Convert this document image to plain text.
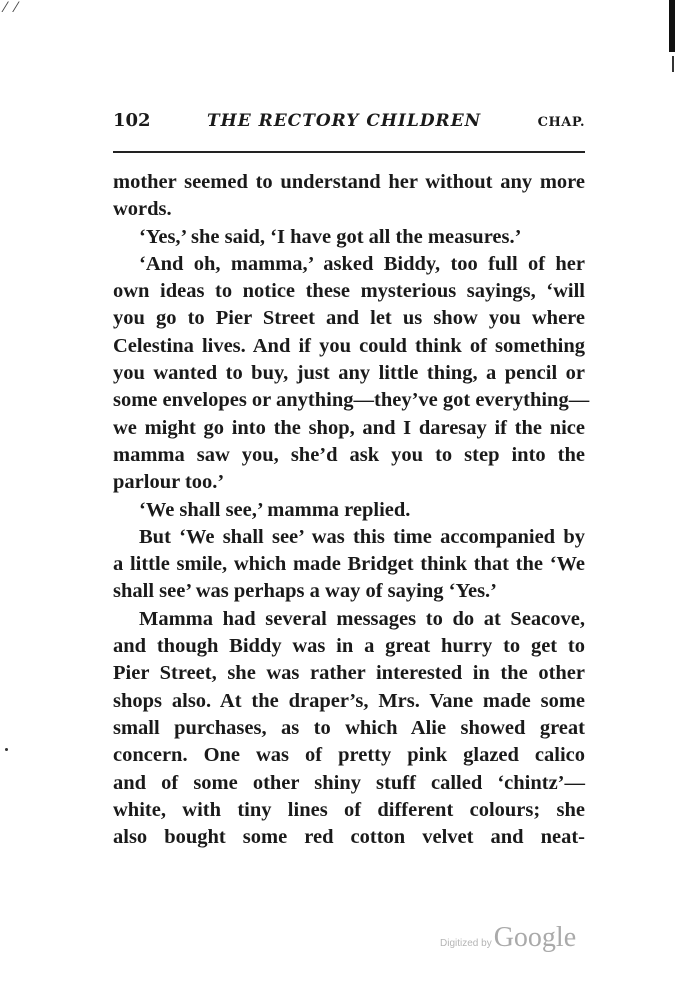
⁄ ⁄
102	THE RECTORY CHILDREN	CHAP.
mother seemed to understand her without any more
words.
‘Yes,’ she said, ‘I have got all the measures.’
‘And oh, mamma,’ asked Biddy, too full of her
own ideas to notice these mysterious sayings, ‘will
you go to Pier Street and let us show you where
Celestina lives. And if you could think of something
you wanted to buy, just any little thing, a pencil or
some envelopes or anything—they’ve got everything—
we might go into the shop, and I daresay if the nice
mamma saw you, she’d ask you to step into the
parlour too.’
‘We shall see,’ mamma replied.
But ‘We shall see’ was this time accompanied by
a little smile, which made Bridget think that the ‘We
shall see’ was perhaps a way of saying ‘Yes.’
Mamma had several messages to do at Seacove,
and though Biddy was in a great hurry to get to
Pier Street, she was rather interested in the other
shops also. At the draper’s, Mrs. Vane made some
small purchases, as to which Alie showed great
concern. One was of pretty pink glazed calico
and of some other shiny stuff called ‘chintz’—
white, with tiny lines of different colours; she
also bought some red cotton velvet and neat-
Digitized by Google
